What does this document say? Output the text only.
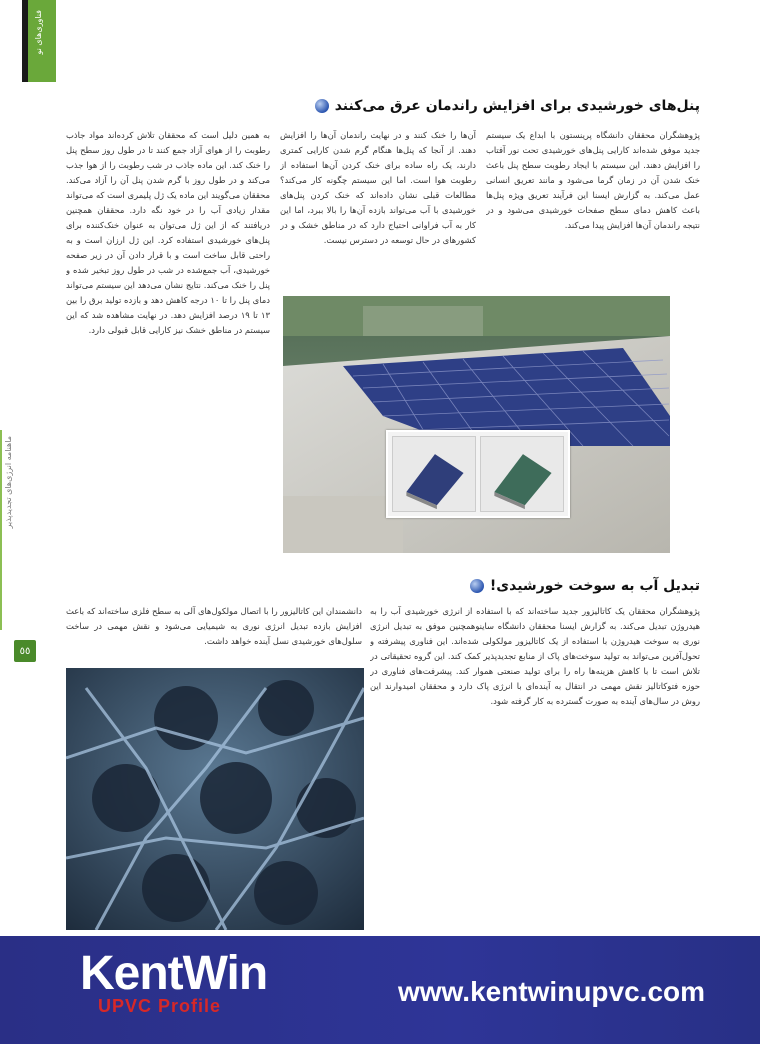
فناوری‌های نو
ماهنامه انرژی‌های تجدیدپذیر
٥٥
پنل‌های خورشیدی برای افزایش راندمان عرق می‌کنند
پژوهشگران محققان دانشگاه پرینستون با ابداع یک سیستم جدید موفق شده‌اند کارایی پنل‌های خورشیدی تحت نور آفتاب را افزایش دهند. این سیستم با ایجاد رطوبت سطح پنل باعث خنک شدن آن در زمان گرما می‌شود و مانند تعریق انسانی عمل می‌کند. به گزارش ایسنا این فرآیند تعریق ویژه پنل‌ها باعث کاهش دمای سطح صفحات خورشیدی می‌شود و در نتیجه راندمان آن‌ها افزایش پیدا می‌کند.
آن‌ها را خنک کنند و در نهایت راندمان آن‌ها را افزایش دهند. از آنجا که پنل‌ها هنگام گرم شدن کارایی کمتری دارند، یک راه ساده برای خنک کردن آن‌ها استفاده از رطوبت هوا است. اما این سیستم چگونه کار می‌کند؟ مطالعات قبلی نشان داده‌اند که خنک کردن پنل‌های خورشیدی با آب می‌تواند بازده آن‌ها را بالا ببرد، اما این کار به آب فراوانی احتیاج دارد که در مناطق خشک و در کشورهای در حال توسعه در دسترس نیست.
به همین دلیل است که محققان تلاش کرده‌اند مواد جاذب رطوبت را از هوای آزاد جمع کنند تا در طول روز سطح پنل را خنک کند. این ماده جاذب در شب رطوبت را از هوا جذب می‌کند و در طول روز با گرم شدن پنل آن را آزاد می‌کند. محققان می‌گویند این ماده یک ژل پلیمری است که می‌تواند مقدار زیادی آب را در خود نگه دارد. محققان همچنین دریافتند که از این ژل می‌توان به عنوان خنک‌کننده برای پنل‌های خورشیدی استفاده کرد. این ژل ارزان است و به راحتی قابل ساخت است و با قرار دادن آن در زیر صفحه خورشیدی، آب جمع‌شده در شب در طول روز تبخیر شده و پنل را خنک می‌کند. نتایج نشان می‌دهد این سیستم می‌تواند دمای پنل را تا ۱۰ درجه کاهش دهد و بازده تولید برق را بین ۱۳ تا ۱۹ درصد افزایش دهد. در نهایت مشاهده شد که این سیستم در مناطق خشک نیز کارایی قابل قبولی دارد.
تبدیل آب به سوخت خورشیدی!
پژوهشگران محققان یک کاتالیزور جدید ساخته‌اند که با استفاده از انرژی خورشیدی آب را به هیدروژن تبدیل می‌کند. به گزارش ایسنا محققان دانشگاه ساینوهمچنین موفق به تبدیل انرژی نوری به سوخت هیدروژن با استفاده از یک کاتالیزور مولکولی شده‌اند. این فناوری پیشرفته و تحول‌آفرین می‌تواند به تولید سوخت‌های پاک از منابع تجدیدپذیر کمک کند. این گروه تحقیقاتی در تلاش است تا با کاهش هزینه‌ها راه را برای تولید صنعتی هموار کند. پیشرفت‌های فناوری در حوزه فتوکاتالیز نقش مهمی در انتقال به آینده‌ای با انرژی پاک دارد و محققان امیدوارند این روش در سال‌های آینده به صورت گسترده به کار گرفته شود.
دانشمندان این کاتالیزور را با اتصال مولکول‌های آلی به سطح فلزی ساخته‌اند که باعث افزایش بازده تبدیل انرژی نوری به شیمیایی می‌شود و نقش مهمی در ساخت سلول‌های خورشیدی نسل آینده خواهد داشت.
KentWin
UPVC Profile	www.kentwinupvc.com
